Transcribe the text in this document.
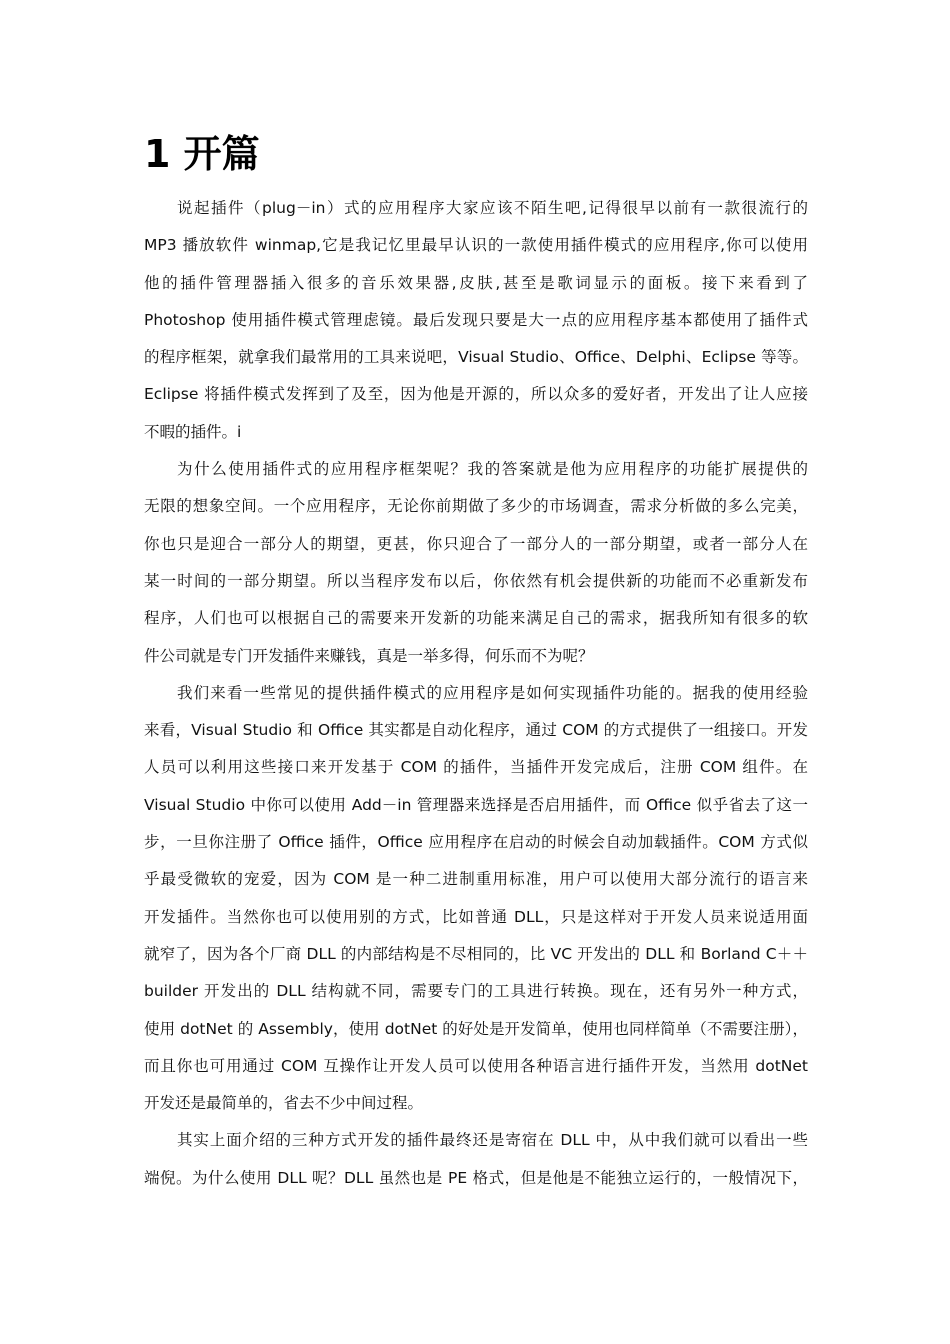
1 开篇

说起插件（plug－in）式的应用程序大家应该不陌生吧,记得很早以前有一款很流行的
MP3 播放软件 winmap,它是我记忆里最早认识的一款使用插件模式的应用程序,你可以使用
他的插件管理器插入很多的音乐效果器,皮肤,甚至是歌词显示的面板。接下来看到了
Photoshop 使用插件模式管理虑镜。最后发现只要是大一点的应用程序基本都使用了插件式
的程序框架，就拿我们最常用的工具来说吧，Visual Studio、Office、Delphi、Eclipse 等等。
Eclipse 将插件模式发挥到了及至，因为他是开源的，所以众多的爱好者，开发出了让人应接
不暇的插件。i

为什么使用插件式的应用程序框架呢？我的答案就是他为应用程序的功能扩展提供的
无限的想象空间。一个应用程序，无论你前期做了多少的市场调查，需求分析做的多么完美，
你也只是迎合一部分人的期望，更甚，你只迎合了一部分人的一部分期望，或者一部分人在
某一时间的一部分期望。所以当程序发布以后，你依然有机会提供新的功能而不必重新发布
程序，人们也可以根据自己的需要来开发新的功能来满足自己的需求，据我所知有很多的软
件公司就是专门开发插件来赚钱，真是一举多得，何乐而不为呢？

我们来看一些常见的提供插件模式的应用程序是如何实现插件功能的。据我的使用经验
来看，Visual Studio 和 Office 其实都是自动化程序，通过 COM 的方式提供了一组接口。开发
人员可以利用这些接口来开发基于 COM 的插件，当插件开发完成后，注册 COM 组件。在
Visual Studio 中你可以使用 Add－in 管理器来选择是否启用插件，而 Office 似乎省去了这一
步，一旦你注册了 Office 插件，Office 应用程序在启动的时候会自动加载插件。COM 方式似
乎最受微软的宠爱，因为 COM 是一种二进制重用标准，用户可以使用大部分流行的语言来
开发插件。当然你也可以使用别的方式，比如普通 DLL，只是这样对于开发人员来说适用面
就窄了，因为各个厂商 DLL 的内部结构是不尽相同的，比 VC 开发出的 DLL 和 Borland C＋＋
builder 开发出的 DLL 结构就不同，需要专门的工具进行转换。现在，还有另外一种方式，
使用 dotNet 的 Assembly，使用 dotNet 的好处是开发简单，使用也同样简单（不需要注册），
而且你也可用通过 COM 互操作让开发人员可以使用各种语言进行插件开发，当然用 dotNet
开发还是最简单的，省去不少中间过程。

其实上面介绍的三种方式开发的插件最终还是寄宿在 DLL 中，从中我们就可以看出一些
端倪。为什么使用 DLL 呢？DLL 虽然也是 PE 格式，但是他是不能独立运行的，一般情况下，
